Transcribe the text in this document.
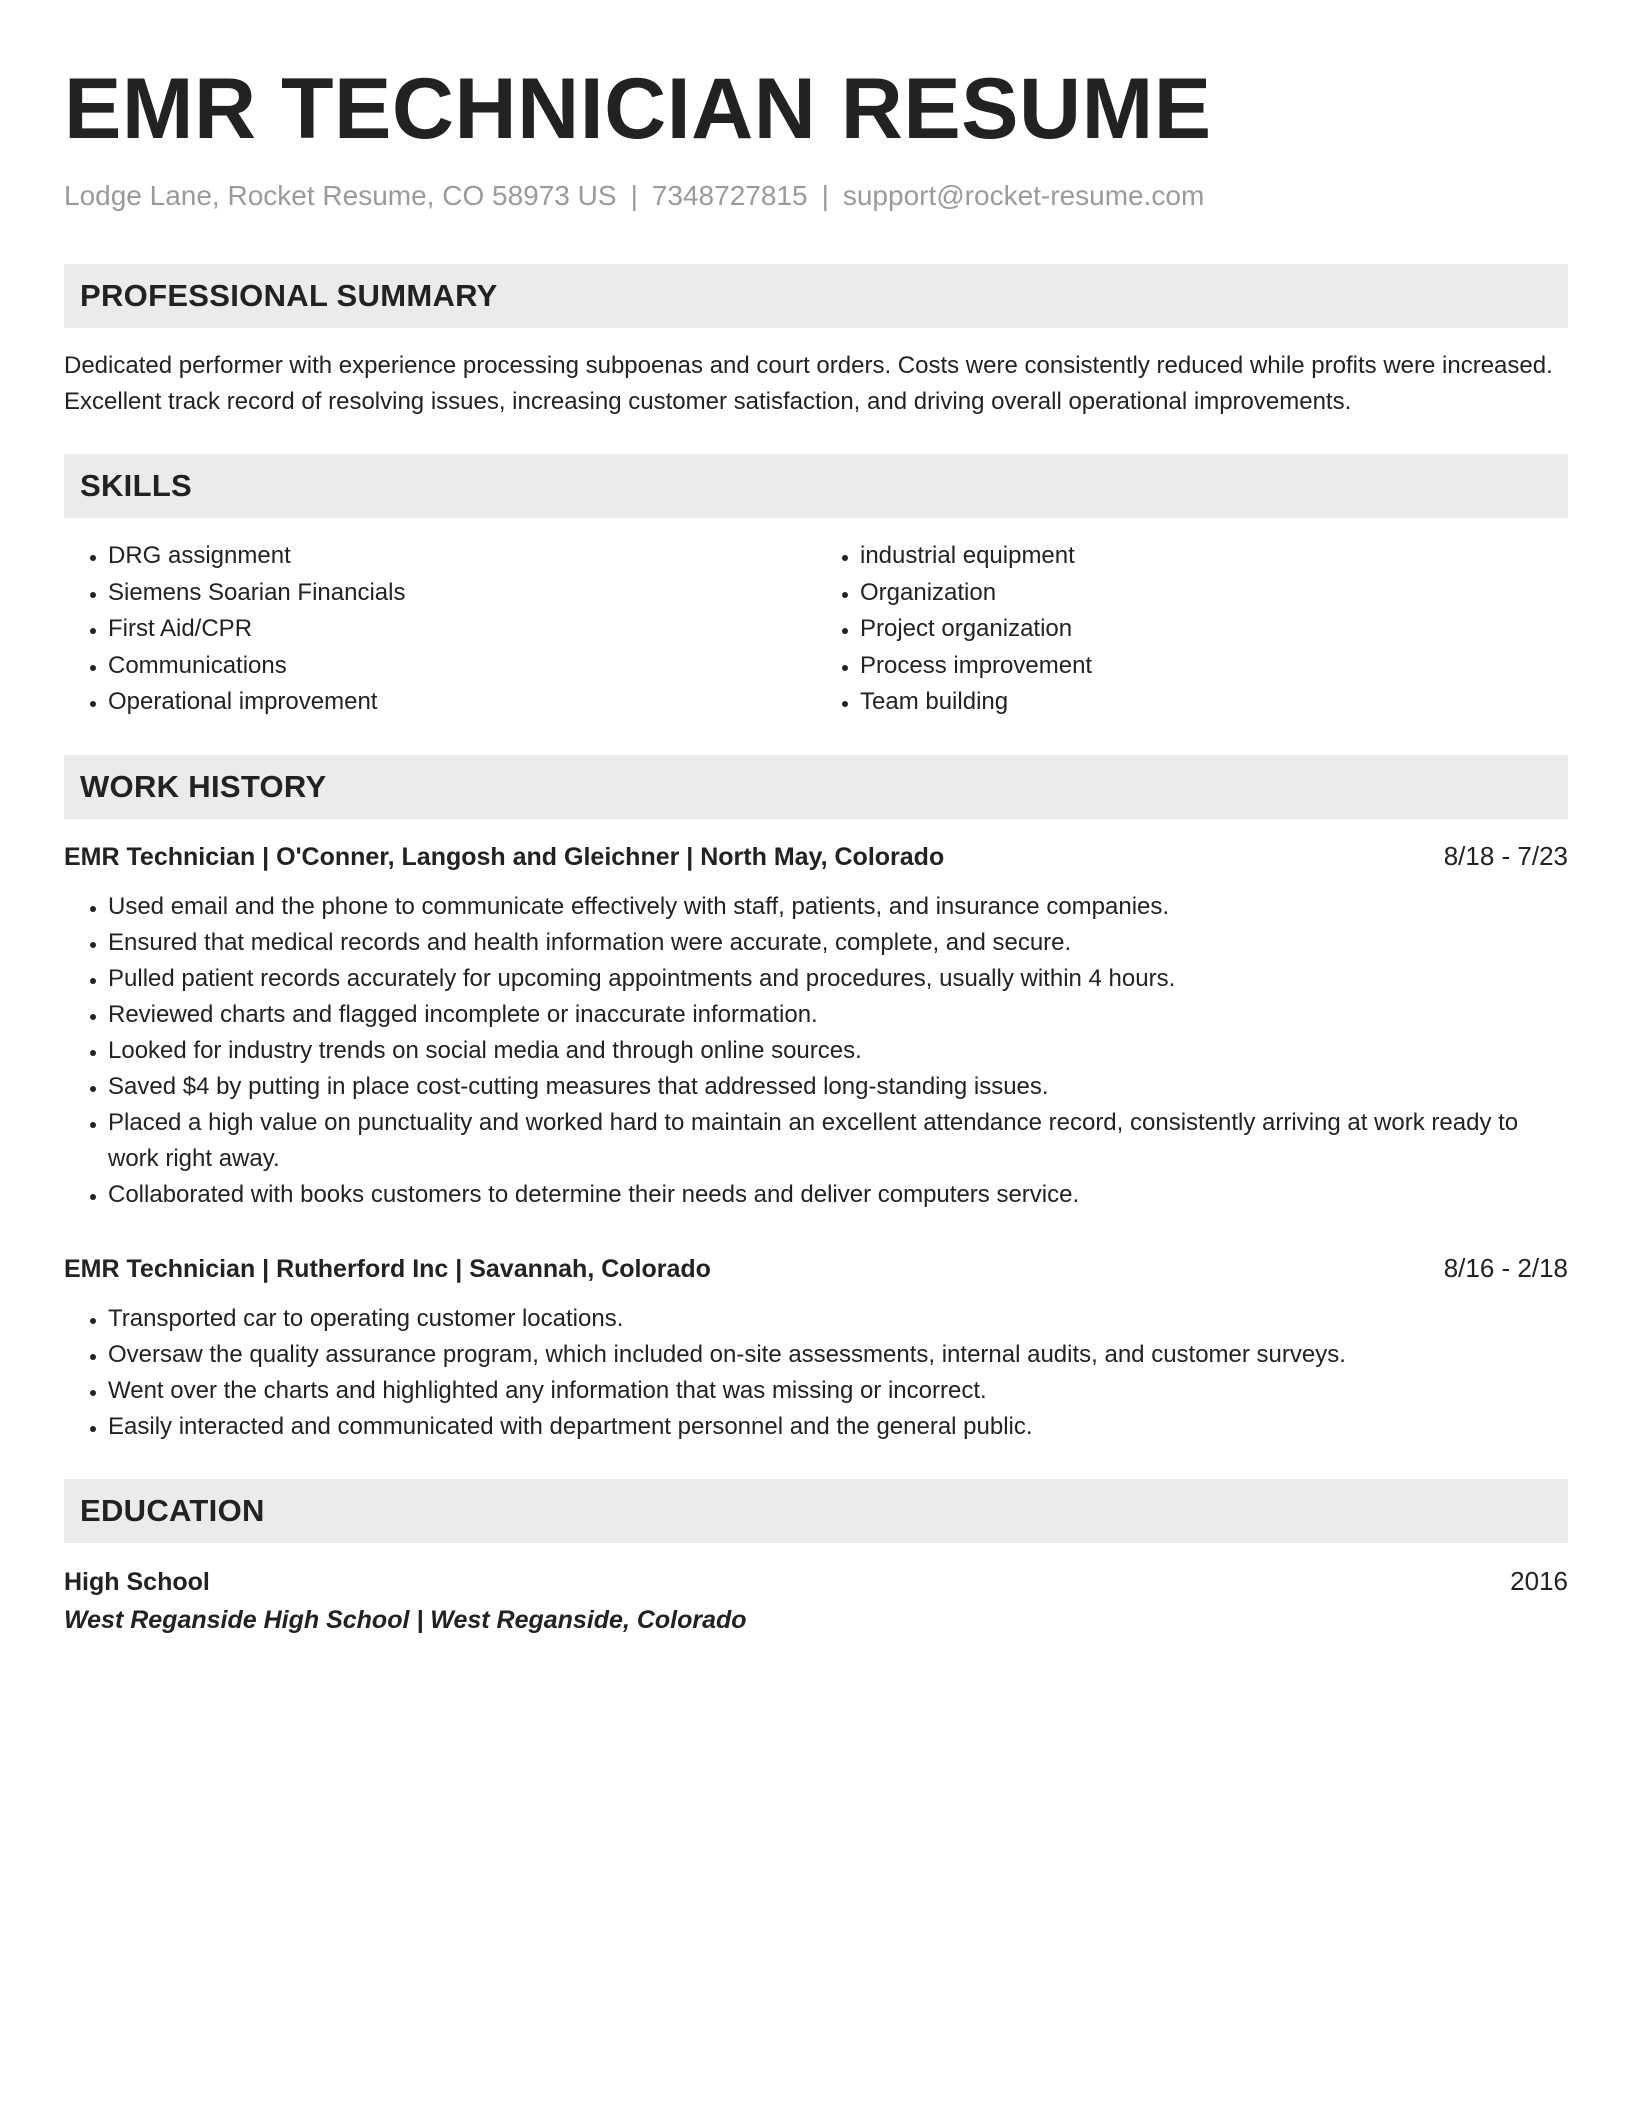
EMR TECHNICIAN RESUME
Lodge Lane, Rocket Resume, CO 58973 US | 7348727815 | support@rocket-resume.com
PROFESSIONAL SUMMARY
Dedicated performer with experience processing subpoenas and court orders. Costs were consistently reduced while profits were increased. Excellent track record of resolving issues, increasing customer satisfaction, and driving overall operational improvements.
SKILLS
• DRG assignment
• Siemens Soarian Financials
• First Aid/CPR
• Communications
• Operational improvement
• industrial equipment
• Organization
• Project organization
• Process improvement
• Team building
WORK HISTORY
EMR Technician | O'Conner, Langosh and Gleichner | North May, Colorado	8/18 - 7/23
• Used email and the phone to communicate effectively with staff, patients, and insurance companies.
• Ensured that medical records and health information were accurate, complete, and secure.
• Pulled patient records accurately for upcoming appointments and procedures, usually within 4 hours.
• Reviewed charts and flagged incomplete or inaccurate information.
• Looked for industry trends on social media and through online sources.
• Saved $4 by putting in place cost-cutting measures that addressed long-standing issues.
• Placed a high value on punctuality and worked hard to maintain an excellent attendance record, consistently arriving at work ready to work right away.
• Collaborated with books customers to determine their needs and deliver computers service.
EMR Technician | Rutherford Inc | Savannah, Colorado	8/16 - 2/18
• Transported car to operating customer locations.
• Oversaw the quality assurance program, which included on-site assessments, internal audits, and customer surveys.
• Went over the charts and highlighted any information that was missing or incorrect.
• Easily interacted and communicated with department personnel and the general public.
EDUCATION
High School	2016
West Reganside High School | West Reganside, Colorado
